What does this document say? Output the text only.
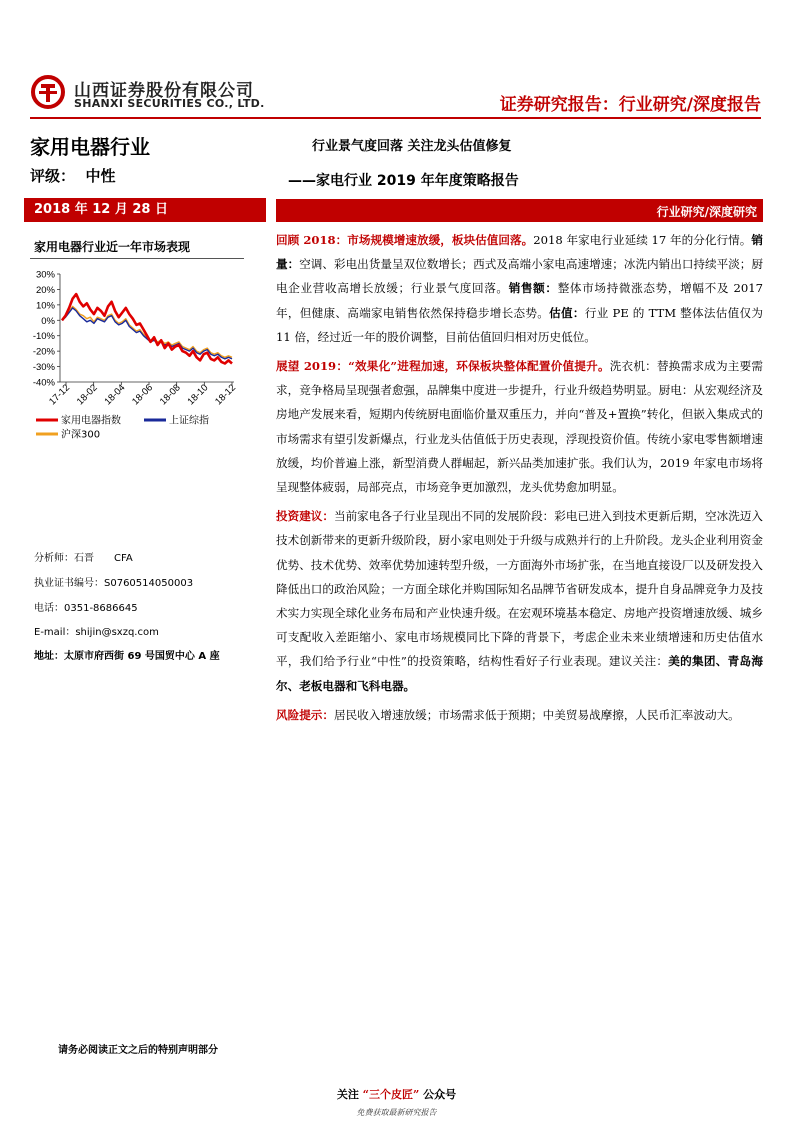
山西证券股份有限公司
SHANXI SECURITIES CO., LTD.	证券研究报告：行业研究/深度报告
家用电器行业
评级： 中性
行业景气度回落 关注龙头估值修复
——家电行业 2019 年年度策略报告
2018 年 12 月 28 日	行业研究/深度研究
家用电器行业近一年市场表现
30%
20%
10%
0%
-10%
-20%
-30%
-40%
17-12 18-02 18-04 18-06 18-08 18-10 18-12
家用电器指数	上证综指
沪深300
分析师：石晋　　CFA
执业证书编号：S0760514050003
电话：0351-8686645
E-mail：shijin@sxzq.com
地址：太原市府西街 69 号国贸中心 A 座

回顾 2018：市场规模增速放缓，板块估值回落。2018 年家电行业延续 17 年的分化行情。销量：空调、彩电出货量呈双位数增长；西式及高端小家电高速增速；冰洗内销出口持续平淡；厨电企业营收高增长放缓；行业景气度回落。销售额：整体市场持微涨态势，增幅不及 2017 年，但健康、高端家电销售依然保持稳步增长态势。估值：行业 PE 的 TTM 整体法估值仅为 11 倍，经过近一年的股价调整，目前估值回归相对历史低位。

展望 2019：“效果化”进程加速，环保板块整体配置价值提升。洗衣机：替换需求成为主要需求，竞争格局呈现强者愈强，品牌集中度进一步提升，行业升级趋势明显。厨电：从宏观经济及房地产发展来看，短期内传统厨电面临价量双重压力，并向“普及+置换”转化，但嵌入集成式的市场需求有望引发新爆点，行业龙头估值低于历史表现，浮现投资价值。传统小家电零售额增速放缓，均价普遍上涨，新型消费人群崛起，新兴品类加速扩张。我们认为，2019 年家电市场将呈现整体疲弱，局部亮点，市场竞争更加激烈，龙头优势愈加明显。

投资建议：当前家电各子行业呈现出不同的发展阶段：彩电已进入到技术更新后期，空冰洗迈入技术创新带来的更新升级阶段，厨小家电则处于升级与成熟并行的上升阶段。龙头企业利用资金优势、技术优势、效率优势加速转型升级，一方面海外市场扩张，在当地直接设厂以及研发投入降低出口的政治风险；一方面全球化并购国际知名品牌节省研发成本，提升自身品牌竞争力及技术实力实现全球化业务布局和产业快速升级。在宏观环境基本稳定、房地产投资增速放缓、城乡可支配收入差距缩小、家电市场规模同比下降的背景下，考虑企业未来业绩增速和历史估值水平，我们给予行业“中性”的投资策略，结构性看好子行业表现。建议关注：美的集团、青岛海尔、老板电器和飞科电器。

风险提示：居民收入增速放缓；市场需求低于预期；中美贸易战摩擦，人民币汇率波动大。

请务必阅读正文之后的特别声明部分
关注 “三个皮匠” 公众号
免费获取最新研究报告
